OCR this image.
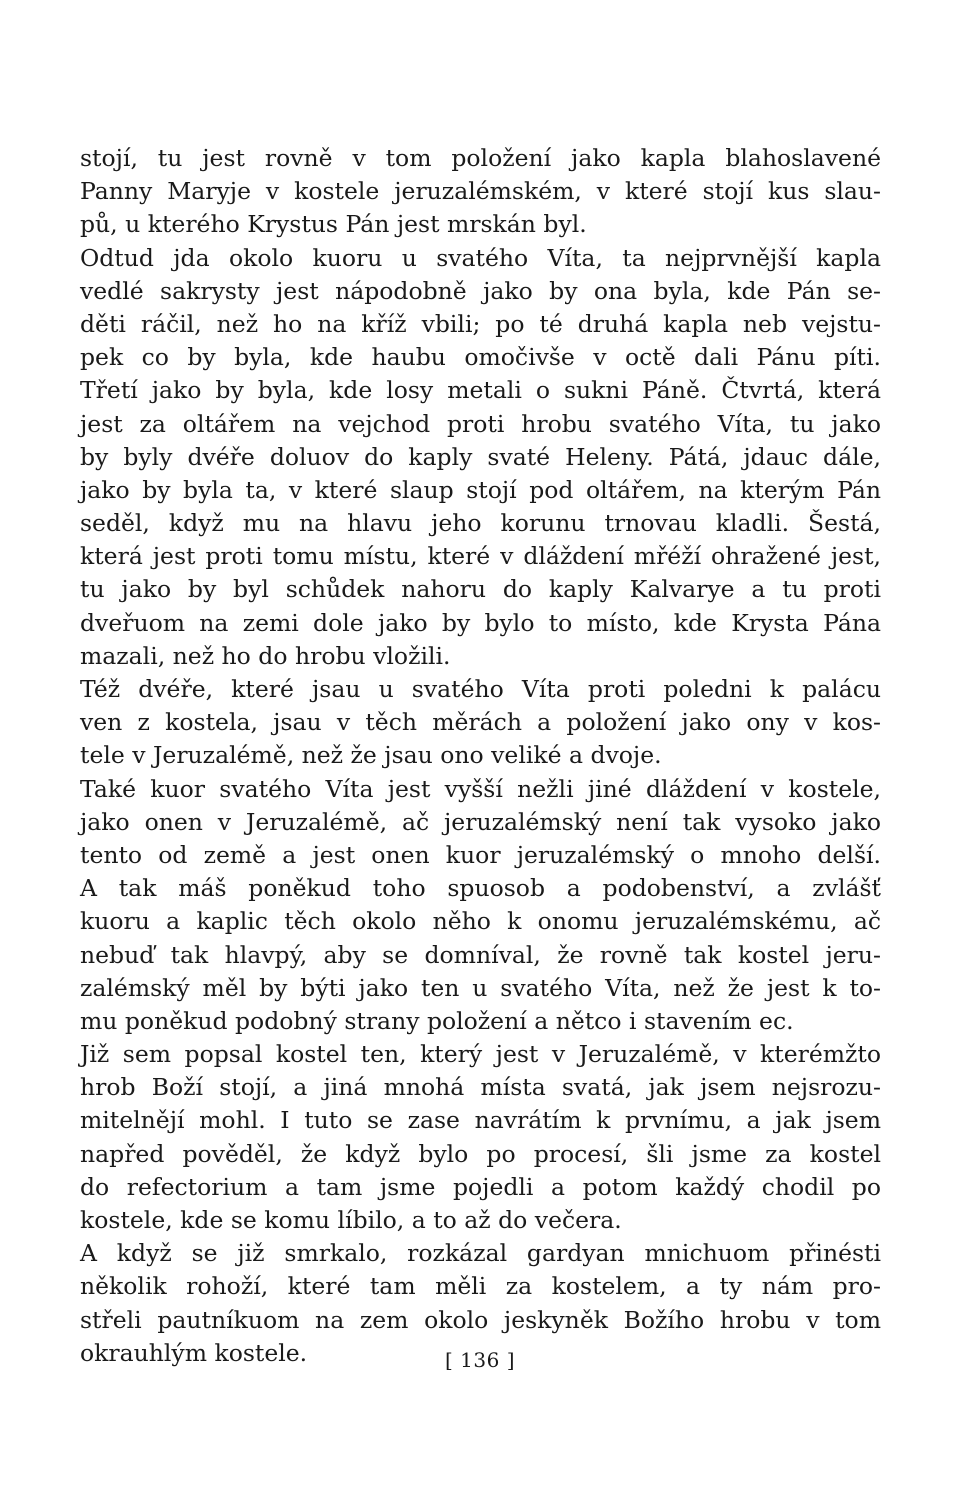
stojí, tu jest rovně v tom položení jako kapla blahoslavené
Panny Maryje v kostele jeruzalémském, v které stojí kus slau-
pů, u kterého Krystus Pán jest mrskán byl.

Odtud jda okolo kuoru u svatého Víta, ta nejprvnější kapla
vedlé sakrysty jest nápodobně jako by ona byla, kde Pán se-
děti ráčil, než ho na kříž vbili; po té druhá kapla neb vejstu-
pek co by byla, kde haubu omočivše v octě dali Pánu píti.
Třetí jako by byla, kde losy metali o sukni Páně. Čtvrtá, která
jest za oltářem na vejchod proti hrobu svatého Víta, tu jako
by byly dvéře doluov do kaply svaté Heleny. Pátá, jdauc dále,
jako by byla ta, v které slaup stojí pod oltářem, na kterým Pán
seděl, když mu na hlavu jeho korunu trnovau kladli. Šestá,
která jest proti tomu místu, které v dláždení mřéží ohražené jest,
tu jako by byl schůdek nahoru do kaply Kalvarye a tu proti
dveřuom na zemi dole jako by bylo to místo, kde Krysta Pána
mazali, než ho do hrobu vložili.

Též dvéře, které jsau u svatého Víta proti poledni k palácu
ven z kostela, jsau v těch měrách a položení jako ony v kos-
tele v Jeruzalémě, než že jsau ono veliké a dvoje.

Také kuor svatého Víta jest vyšší nežli jiné dláždení v kostele,
jako onen v Jeruzalémě, ač jeruzalémský není tak vysoko jako
tento od země a jest onen kuor jeruzalémský o mnoho delší.
A tak máš poněkud toho spuosob a podobenství, a zvlášť
kuoru a kaplic těch okolo něho k onomu jeruzalémskému, ač
nebuď tak hlavpý, aby se domníval, že rovně tak kostel jeru-
zalémský měl by býti jako ten u svatého Víta, než že jest k to-
mu poněkud podobný strany položení a nětco i stavením ec.

Již sem popsal kostel ten, který jest v Jeruzalémě, v kterémžto
hrob Boží stojí, a jiná mnohá místa svatá, jak jsem nejsrozu-
mitelnějí mohl. I tuto se zase navrátím k prvnímu, a jak jsem
napřed pověděl, že když bylo po procesí, šli jsme za kostel
do refectorium a tam jsme pojedli a potom každý chodil po
kostele, kde se komu líbilo, a to až do večera.

A když se již smrkalo, rozkázal gardyan mnichuom přinésti
několik rohoží, které tam měli za kostelem, a ty nám pro-
střeli pautníkuom na zem okolo jeskyněk Božího hrobu v tom
okrauhlým kostele.	[ 136 ]
